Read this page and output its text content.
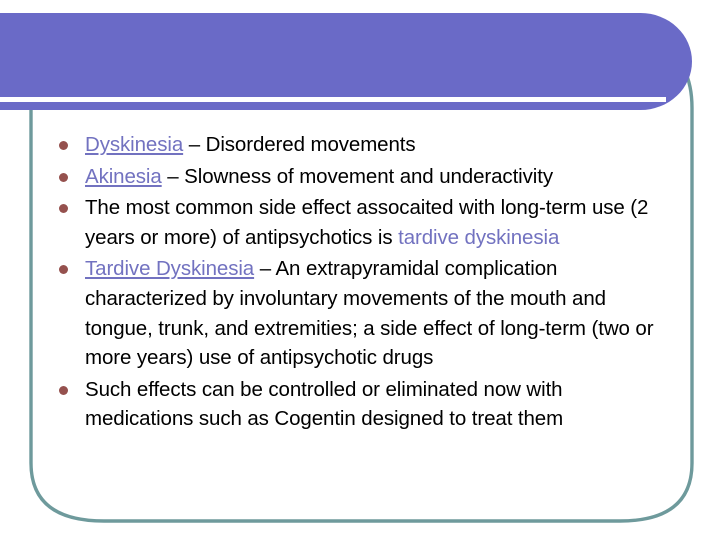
Dyskinesia – Disordered movements
Akinesia – Slowness of movement and underactivity
The most common side effect assocaited with long-term use (2 years or more) of antipsychotics is tardive dyskinesia
Tardive Dyskinesia – An extrapyramidal complication characterized by involuntary movements of the mouth and tongue, trunk, and extremities; a side effect of long-term (two or more years) use of antipsychotic drugs
Such effects can be controlled or eliminated now with medications such as Cogentin designed to treat them
